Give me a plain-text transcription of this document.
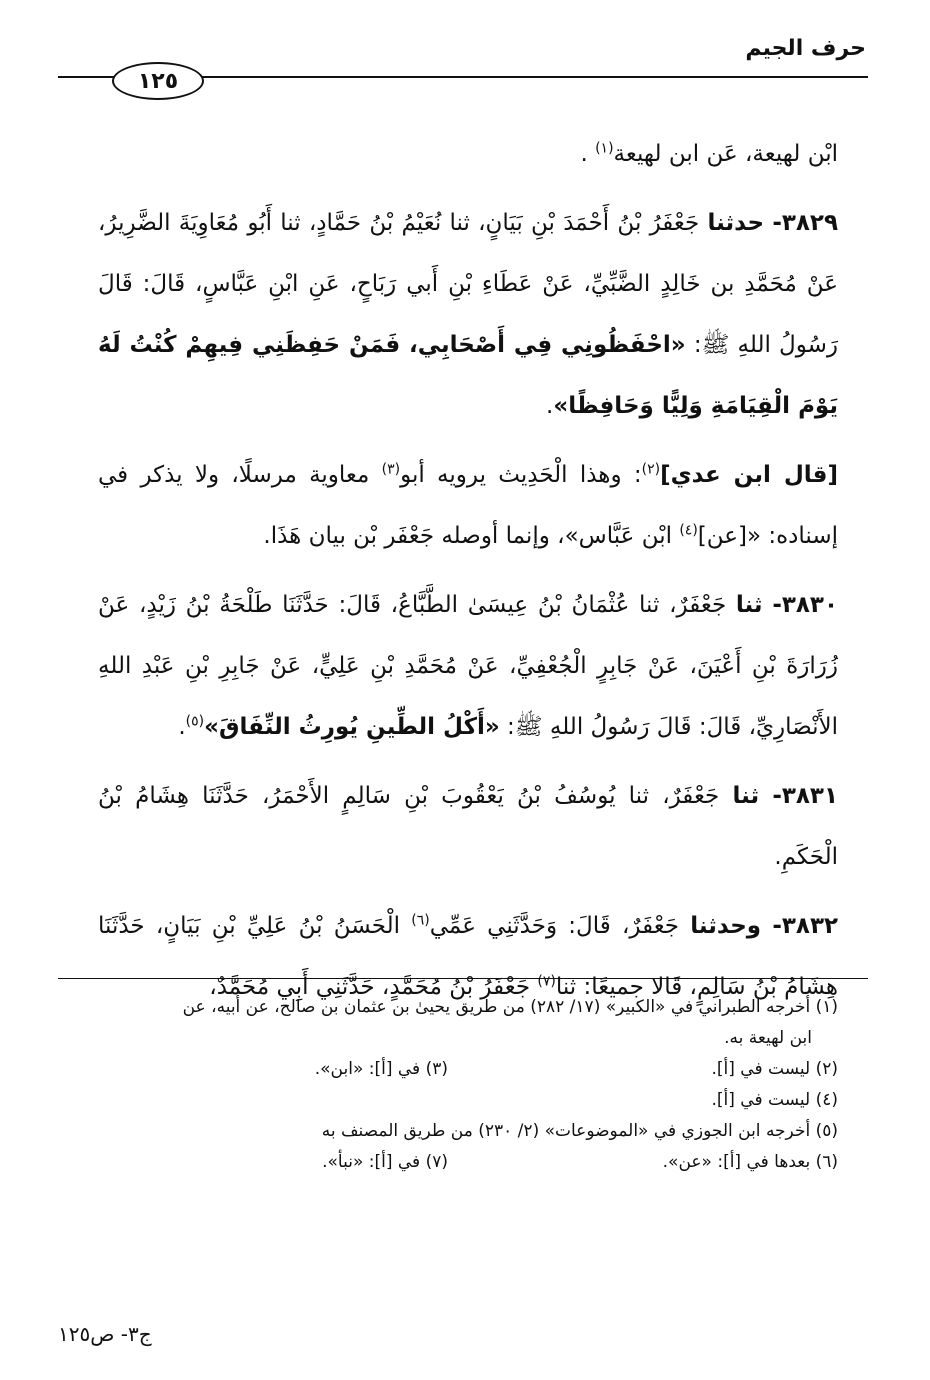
حرف الجيم
١٢٥

ابْن لهيعة، عَن ابن لهيعة$^{(١)}$ .

٣٨٢٩- حدثنا جَعْفَرُ بْنُ أَحْمَدَ بْنِ بَيَانٍ، ثنا نُعَيْمُ بْنُ حَمَّادٍ، ثنا أَبُو مُعَاوِيَةَ الضَّرِيرُ، عَنْ مُحَمَّدِ بن خَالِدٍ الضَّبِّيِّ، عَنْ عَطَاءِ بْنِ أَبي رَبَاحٍ، عَنِ ابْنِ عَبَّاسٍ، قَالَ: قَالَ رَسُولُ اللهِ ﷺ: «احْفَظُونِي فِي أَصْحَابِي، فَمَنْ حَفِظَنِي فِيهِمْ كُنْتُ لَهُ يَوْمَ الْقِيَامَةِ وَلِيًّا وَحَافِظًا».

[قال ابن عدي]$^{(٢)}$: وهذا الْحَدِيث يرويه أبو$^{(٣)}$ معاوية مرسلًا، ولا يذكر في إسناده: «[عن]$^{(٤)}$ ابْن عَبَّاس»، وإنما أوصله جَعْفَر بْن بيان هَذَا.

٣٨٣٠- ثنا جَعْفَرٌ، ثنا عُثْمَانُ بْنُ عِيسَىٰ الطَّبَّاعُ، قَالَ: حَدَّثَنَا طَلْحَةُ بْنُ زَيْدٍ، عَنْ زُرَارَةَ بْنِ أَعْيَنَ، عَنْ جَابِرٍ الْجُعْفِيِّ، عَنْ مُحَمَّدِ بْنِ عَلِيٍّ، عَنْ جَابِرِ بْنِ عَبْدِ اللهِ الأَنْصَارِيِّ، قَالَ: قَالَ رَسُولُ اللهِ ﷺ: «أَكْلُ الطِّينِ يُورِثُ النِّفَاقَ»$^{(٥)}$.

٣٨٣١- ثنا جَعْفَرٌ، ثنا يُوسُفُ بْنُ يَعْقُوبَ بْنِ سَالِمٍ الأَحْمَرُ، حَدَّثَنَا هِشَامُ بْنُ الْحَكَمِ.

٣٨٣٢- وحدثنا جَعْفَرٌ، قَالَ: وَحَدَّثَنِي عَمِّي$^{(٦)}$ الْحَسَنُ بْنُ عَلِيِّ بْنِ بَيَانٍ، حَدَّثَنَا هِشَامُ بْنُ سَالِمٍ، قَالا جميعًا: ثنا$^{(٧)}$ جَعْفَرُ بْنُ مُحَمَّدٍ، حَدَّثَنِي أَبِي مُحَمَّدٌ،

(١) أخرجه الطبراني في «الكبير» (١٧/ ٢٨٢) من طريق يحيىٰ بن عثمان بن صالح، عن أبيه، عن

ابن لهيعة به.

(٢) ليست في [أ].
(٣) في [أ]: «ابن».

(٤) ليست في [أ].

(٥) أخرجه ابن الجوزي في «الموضوعات» (٢/ ٢٣٠) من طريق المصنف به

(٦) بعدها في [أ]: «عن».
(٧) في [أ]: «نبأ».
ج٣- ص١٢٥
